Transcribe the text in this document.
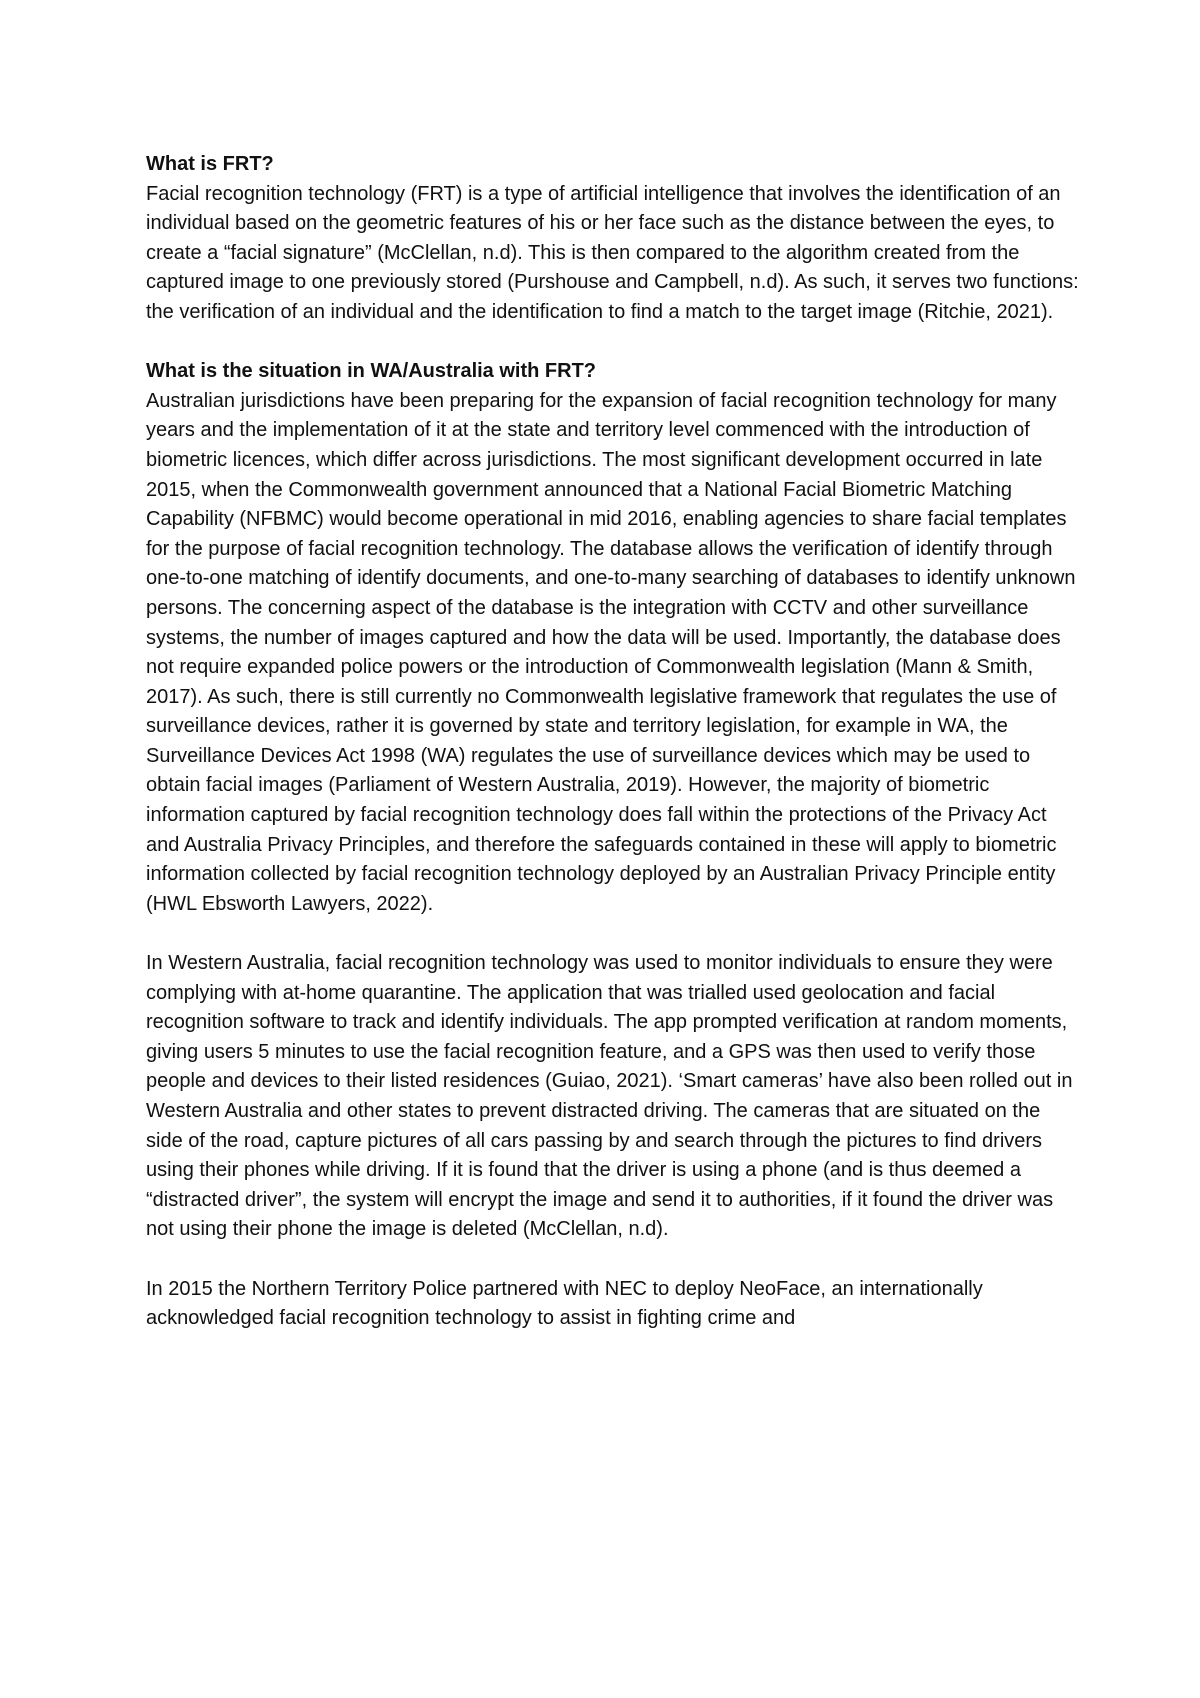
What is FRT?

Facial recognition technology (FRT) is a type of artificial intelligence that involves the identification of an individual based on the geometric features of his or her face such as the distance between the eyes, to create a “facial signature” (McClellan, n.d). This is then compared to the algorithm created from the captured image to one previously stored (Purshouse and Campbell, n.d). As such, it serves two functions: the verification of an individual and the identification to find a match to the target image (Ritchie, 2021).

What is the situation in WA/Australia with FRT?

Australian jurisdictions have been preparing for the expansion of facial recognition technology for many years and the implementation of it at the state and territory level commenced with the introduction of biometric licences, which differ across jurisdictions. The most significant development occurred in late 2015, when the Commonwealth government announced that a National Facial Biometric Matching Capability (NFBMC) would become operational in mid 2016, enabling agencies to share facial templates for the purpose of facial recognition technology. The database allows the verification of identify through one-to-one matching of identify documents, and one-to-many searching of databases to identify unknown persons. The concerning aspect of the database is the integration with CCTV and other surveillance systems, the number of images captured and how the data will be used. Importantly, the database does not require expanded police powers or the introduction of Commonwealth legislation (Mann & Smith, 2017). As such, there is still currently no Commonwealth legislative framework that regulates the use of surveillance devices, rather it is governed by state and territory legislation, for example in WA, the Surveillance Devices Act 1998 (WA) regulates the use of surveillance devices which may be used to obtain facial images (Parliament of Western Australia, 2019). However, the majority of biometric information captured by facial recognition technology does fall within the protections of the Privacy Act and Australia Privacy Principles, and therefore the safeguards contained in these will apply to biometric information collected by facial recognition technology deployed by an Australian Privacy Principle entity (HWL Ebsworth Lawyers, 2022).

In Western Australia, facial recognition technology was used to monitor individuals to ensure they were complying with at-home quarantine. The application that was trialled used geolocation and facial recognition software to track and identify individuals. The app prompted verification at random moments, giving users 5 minutes to use the facial recognition feature, and a GPS was then used to verify those people and devices to their listed residences (Guiao, 2021). ‘Smart cameras’ have also been rolled out in Western Australia and other states to prevent distracted driving. The cameras that are situated on the side of the road, capture pictures of all cars passing by and search through the pictures to find drivers using their phones while driving. If it is found that the driver is using a phone (and is thus deemed a “distracted driver”, the system will encrypt the image and send it to authorities, if it found the driver was not using their phone the image is deleted (McClellan, n.d).

In 2015 the Northern Territory Police partnered with NEC to deploy NeoFace, an internationally acknowledged facial recognition technology to assist in fighting crime and
